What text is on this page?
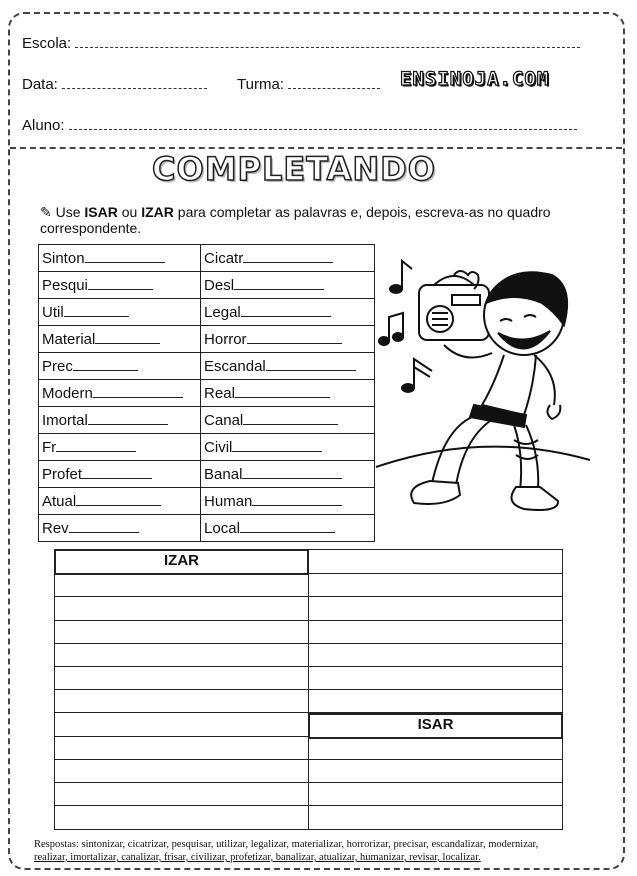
Escola:
Data:	Turma:	ENSINOJA.COM
Aluno:
COMPLETANDO
✎ Use ISAR ou IZAR para completar as palavras e, depois, escreva-as no quadro correspondente.
Sinton	Cicatr
Pesqui	Desl
Util	Legal
Material	Horror
Prec	Escandal
Modern	Real
Imortal	Canal
Fr	Civil
Profet	Banal
Atual	Human
Rev	Local
IZAR
ISAR
Respostas: sintonizar, cicatrizar, pesquisar, utilizar, legalizar, materializar, horrorizar, precisar, escandalizar, modernizar,
realizar, imortalizar, canalizar, frisar, civilizar, profetizar, banalizar, atualizar, humanizar, revisar, localizar.
